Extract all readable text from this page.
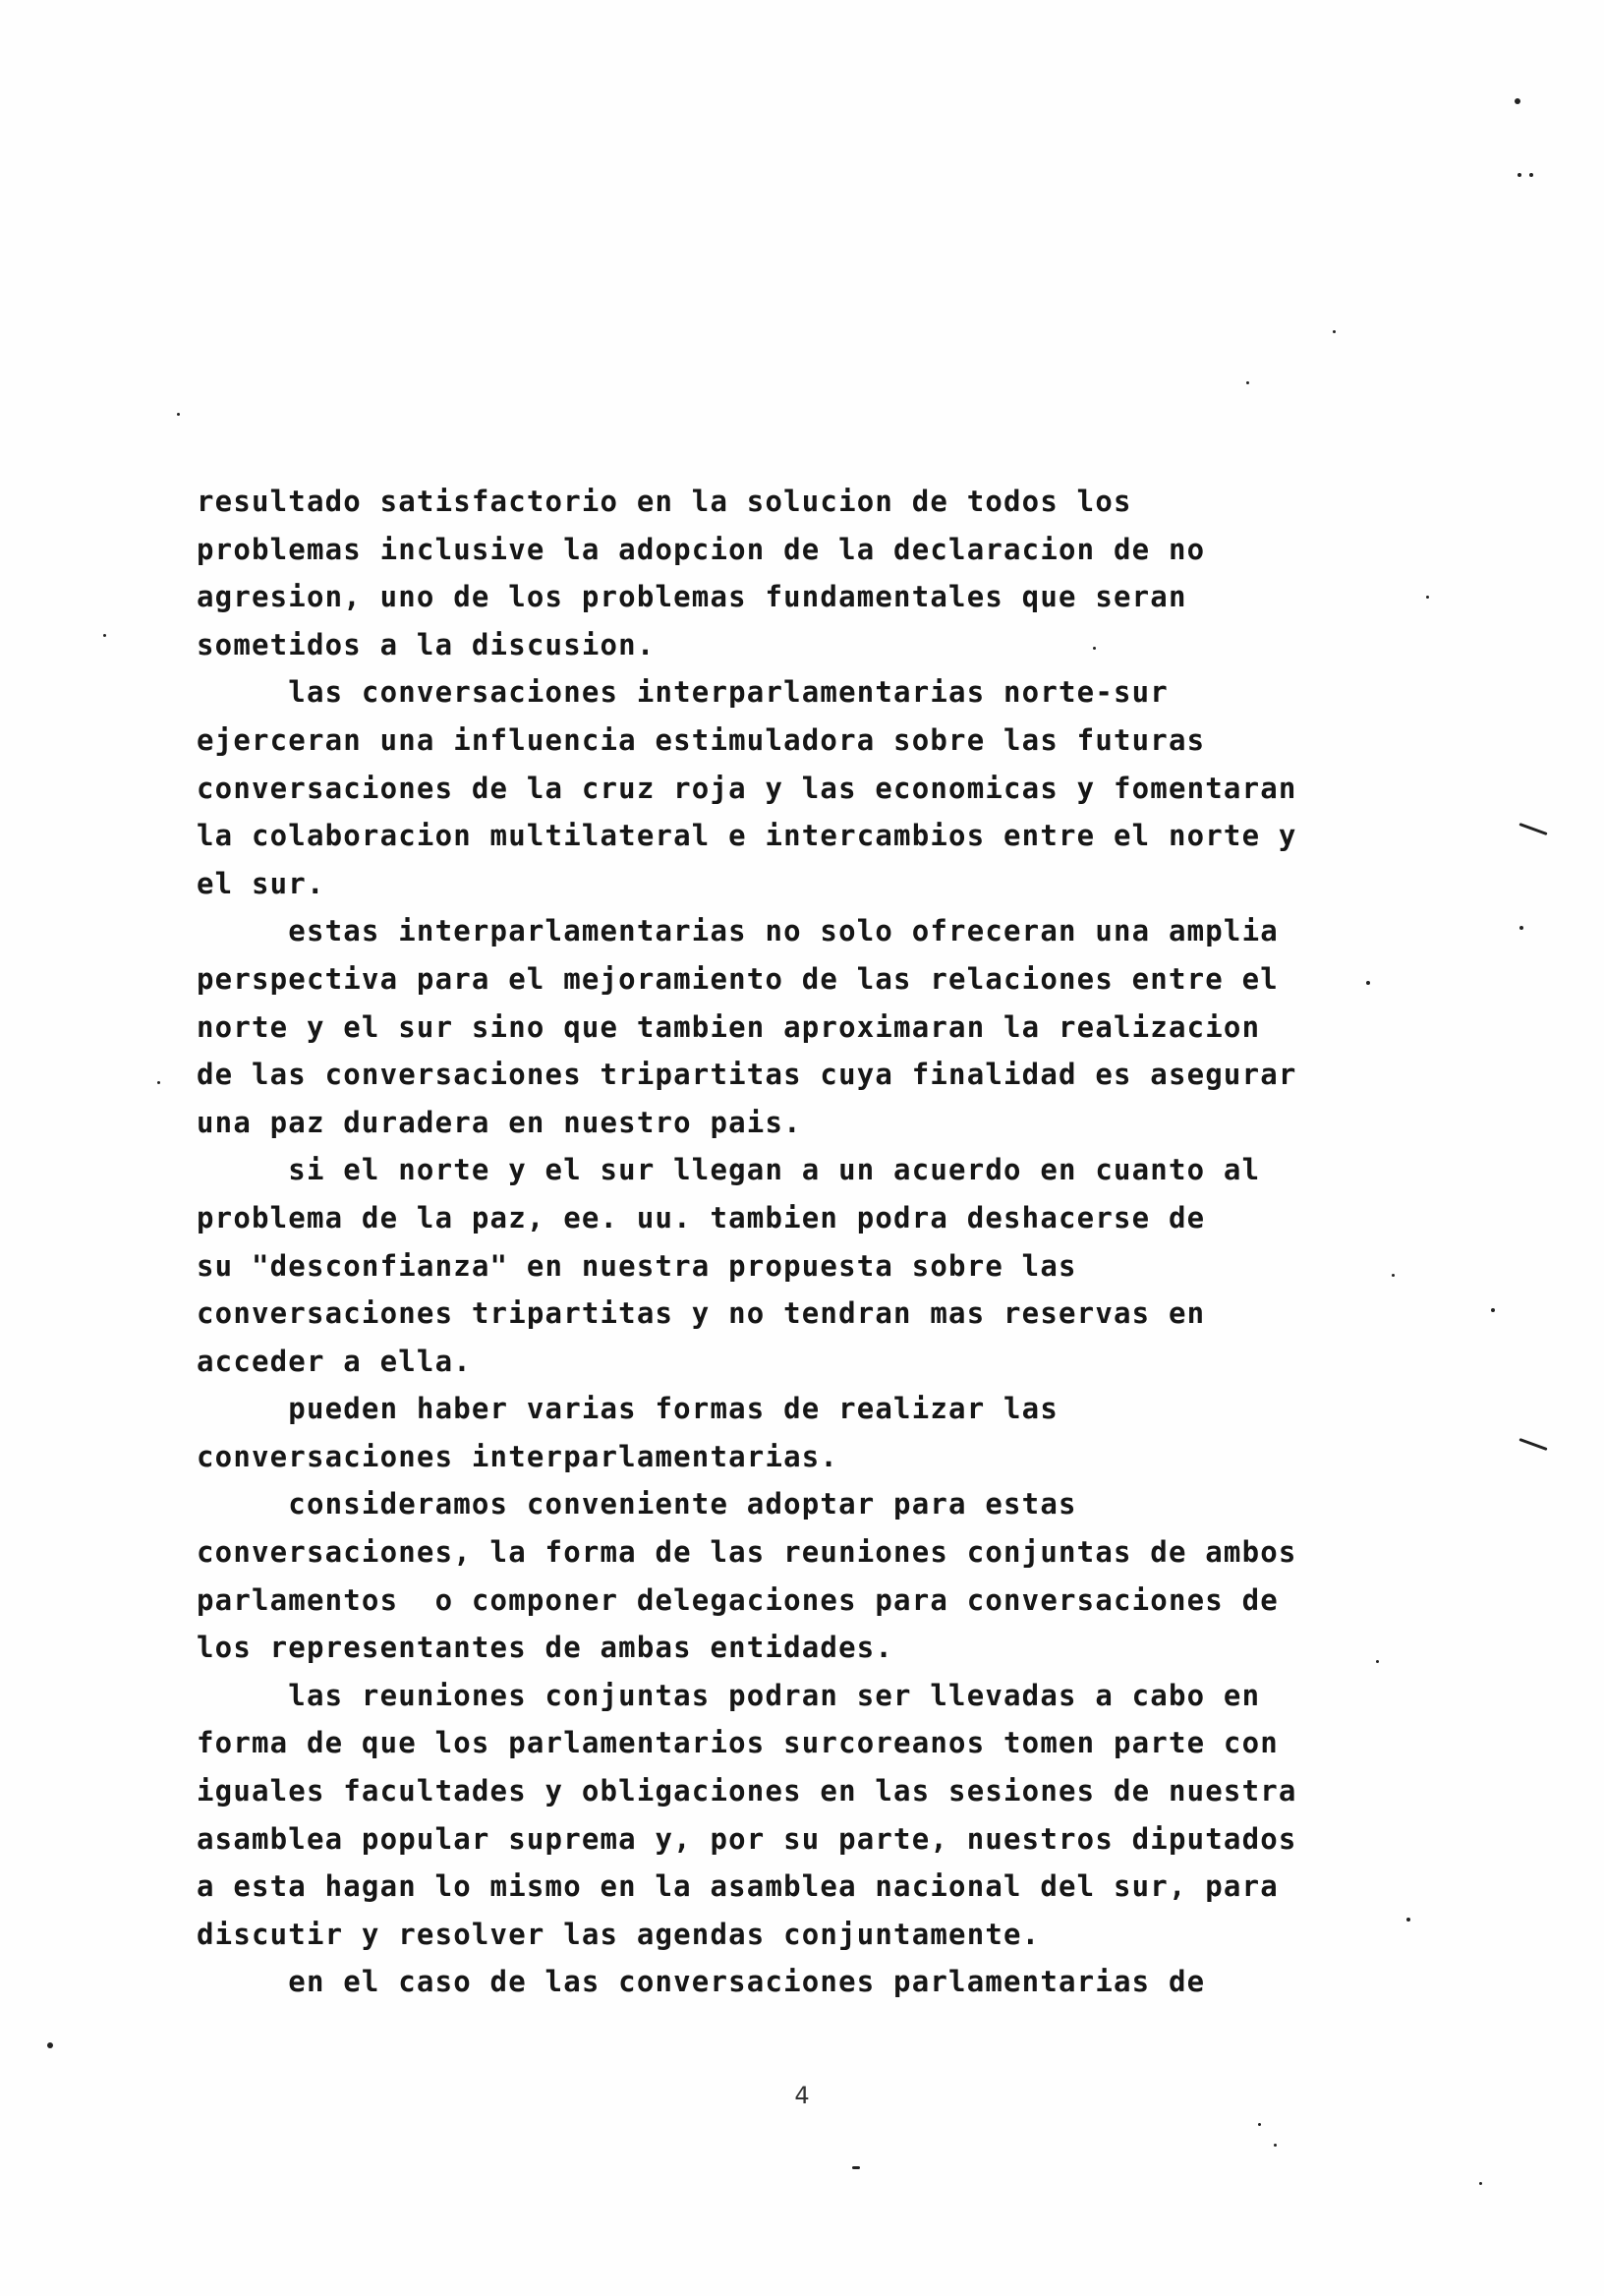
resultado satisfactorio en la solucion de todos los
problemas inclusive la adopcion de la declaracion de no
agresion, uno de los problemas fundamentales que seran
sometidos a la discusion.
las conversaciones interparlamentarias norte-sur
ejerceran una influencia estimuladora sobre las futuras
conversaciones de la cruz roja y las economicas y fomentaran
la colaboracion multilateral e intercambios entre el norte y
el sur.
estas interparlamentarias no solo ofreceran una amplia
perspectiva para el mejoramiento de las relaciones entre el
norte y el sur sino que tambien aproximaran la realizacion
de las conversaciones tripartitas cuya finalidad es asegurar
una paz duradera en nuestro pais.
si el norte y el sur llegan a un acuerdo en cuanto al
problema de la paz, ee. uu. tambien podra deshacerse de
su "desconfianza" en nuestra propuesta sobre las
conversaciones tripartitas y no tendran mas reservas en
acceder a ella.
pueden haber varias formas de realizar las
conversaciones interparlamentarias.
consideramos conveniente adoptar para estas
conversaciones, la forma de las reuniones conjuntas de ambos
parlamentos  o componer delegaciones para conversaciones de
los representantes de ambas entidades.
las reuniones conjuntas podran ser llevadas a cabo en
forma de que los parlamentarios surcoreanos tomen parte con
iguales facultades y obligaciones en las sesiones de nuestra
asamblea popular suprema y, por su parte, nuestros diputados
a esta hagan lo mismo en la asamblea nacional del sur, para
discutir y resolver las agendas conjuntamente.
en el caso de las conversaciones parlamentarias de
4
